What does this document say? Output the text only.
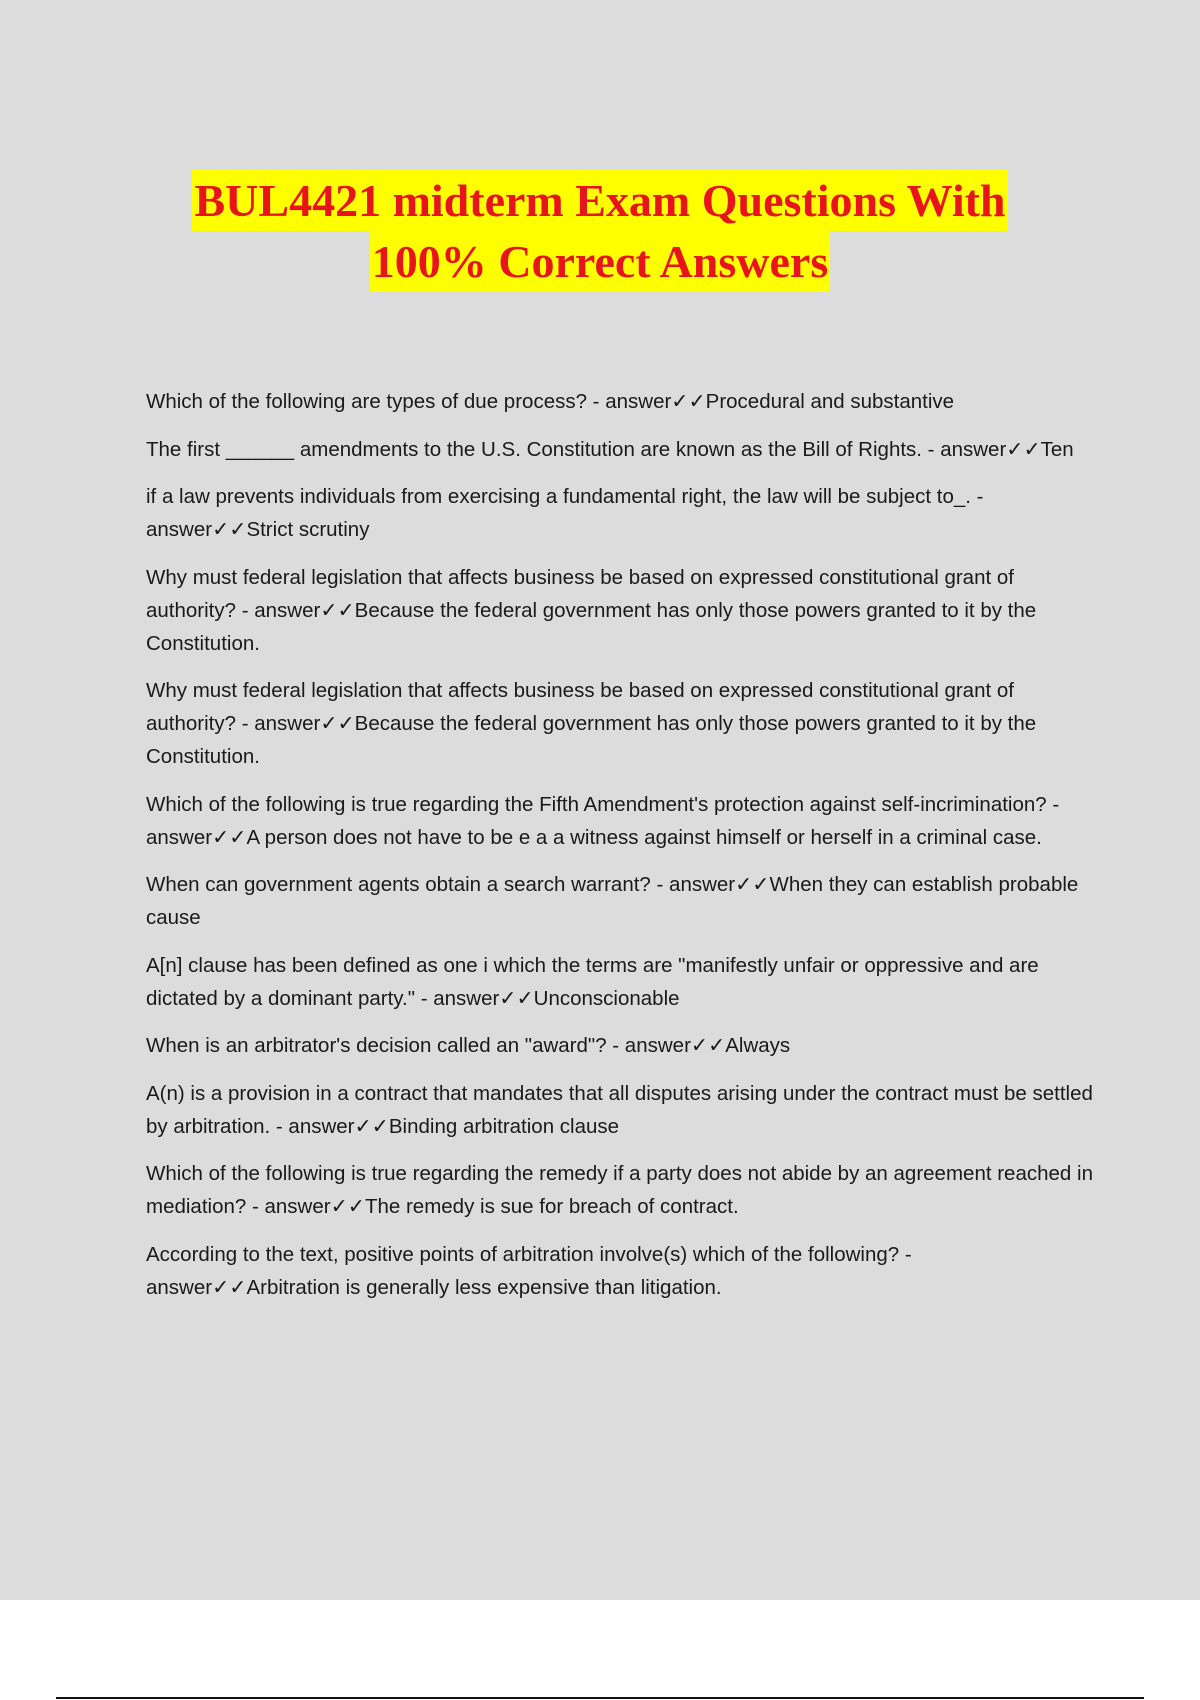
BUL4421 midterm Exam Questions With
100% Correct Answers
Which of the following are types of due process? - answer✓✓Procedural and substantive
The first ______ amendments to the U.S. Constitution are known as the Bill of Rights. - answer✓✓Ten
if a law prevents individuals from exercising a fundamental right, the law will be subject to_. - answer✓✓Strict scrutiny
Why must federal legislation that affects business be based on expressed constitutional grant of authority? - answer✓✓Because the federal government has only those powers granted to it by the Constitution.
Why must federal legislation that affects business be based on expressed constitutional grant of authority? - answer✓✓Because the federal government has only those powers granted to it by the Constitution.
Which of the following is true regarding the Fifth Amendment's protection against self-incrimination? - answer✓✓A person does not have to be e a a witness against himself or herself in a criminal case.
When can government agents obtain a search warrant? - answer✓✓When they can establish probable cause
A[n] clause has been defined as one i which the terms are "manifestly unfair or oppressive and are dictated by a dominant party." - answer✓✓Unconscionable
When is an arbitrator's decision called an "award"? - answer✓✓Always
A(n) is a provision in a contract that mandates that all disputes arising under the contract must be settled by arbitration. - answer✓✓Binding arbitration clause
Which of the following is true regarding the remedy if a party does not abide by an agreement reached in mediation? - answer✓✓The remedy is sue for breach of contract.
According to the text, positive points of arbitration involve(s) which of the following? - answer✓✓Arbitration is generally less expensive than litigation.
